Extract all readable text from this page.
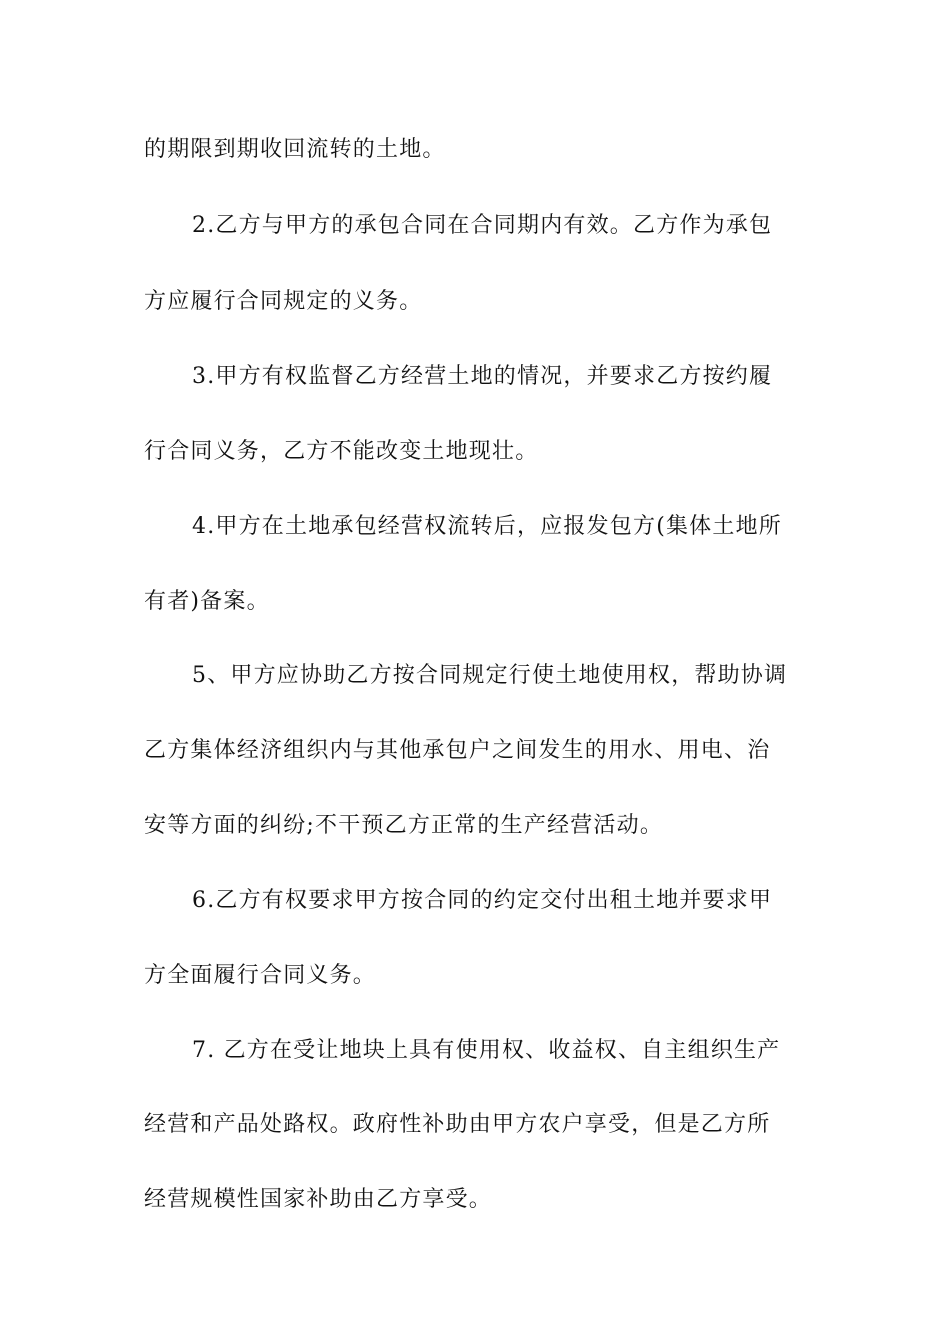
的期限到期收回流转的土地。
2.乙方与甲方的承包合同在合同期内有效。乙方作为承包
方应履行合同规定的义务。
3.甲方有权监督乙方经营土地的情况，并要求乙方按约履
行合同义务，乙方不能改变土地现壮。
4.甲方在土地承包经营权流转后，应报发包方(集体土地所
有者)备案。
5、甲方应协助乙方按合同规定行使土地使用权，帮助协调
乙方集体经济组织内与其他承包户之间发生的用水、用电、治
安等方面的纠纷;不干预乙方正常的生产经营活动。
6.乙方有权要求甲方按合同的约定交付出租土地并要求甲
方全面履行合同义务。
7. 乙方在受让地块上具有使用权、收益权、自主组织生产
经营和产品处路权。政府性补助由甲方农户享受，但是乙方所
经营规模性国家补助由乙方享受。
